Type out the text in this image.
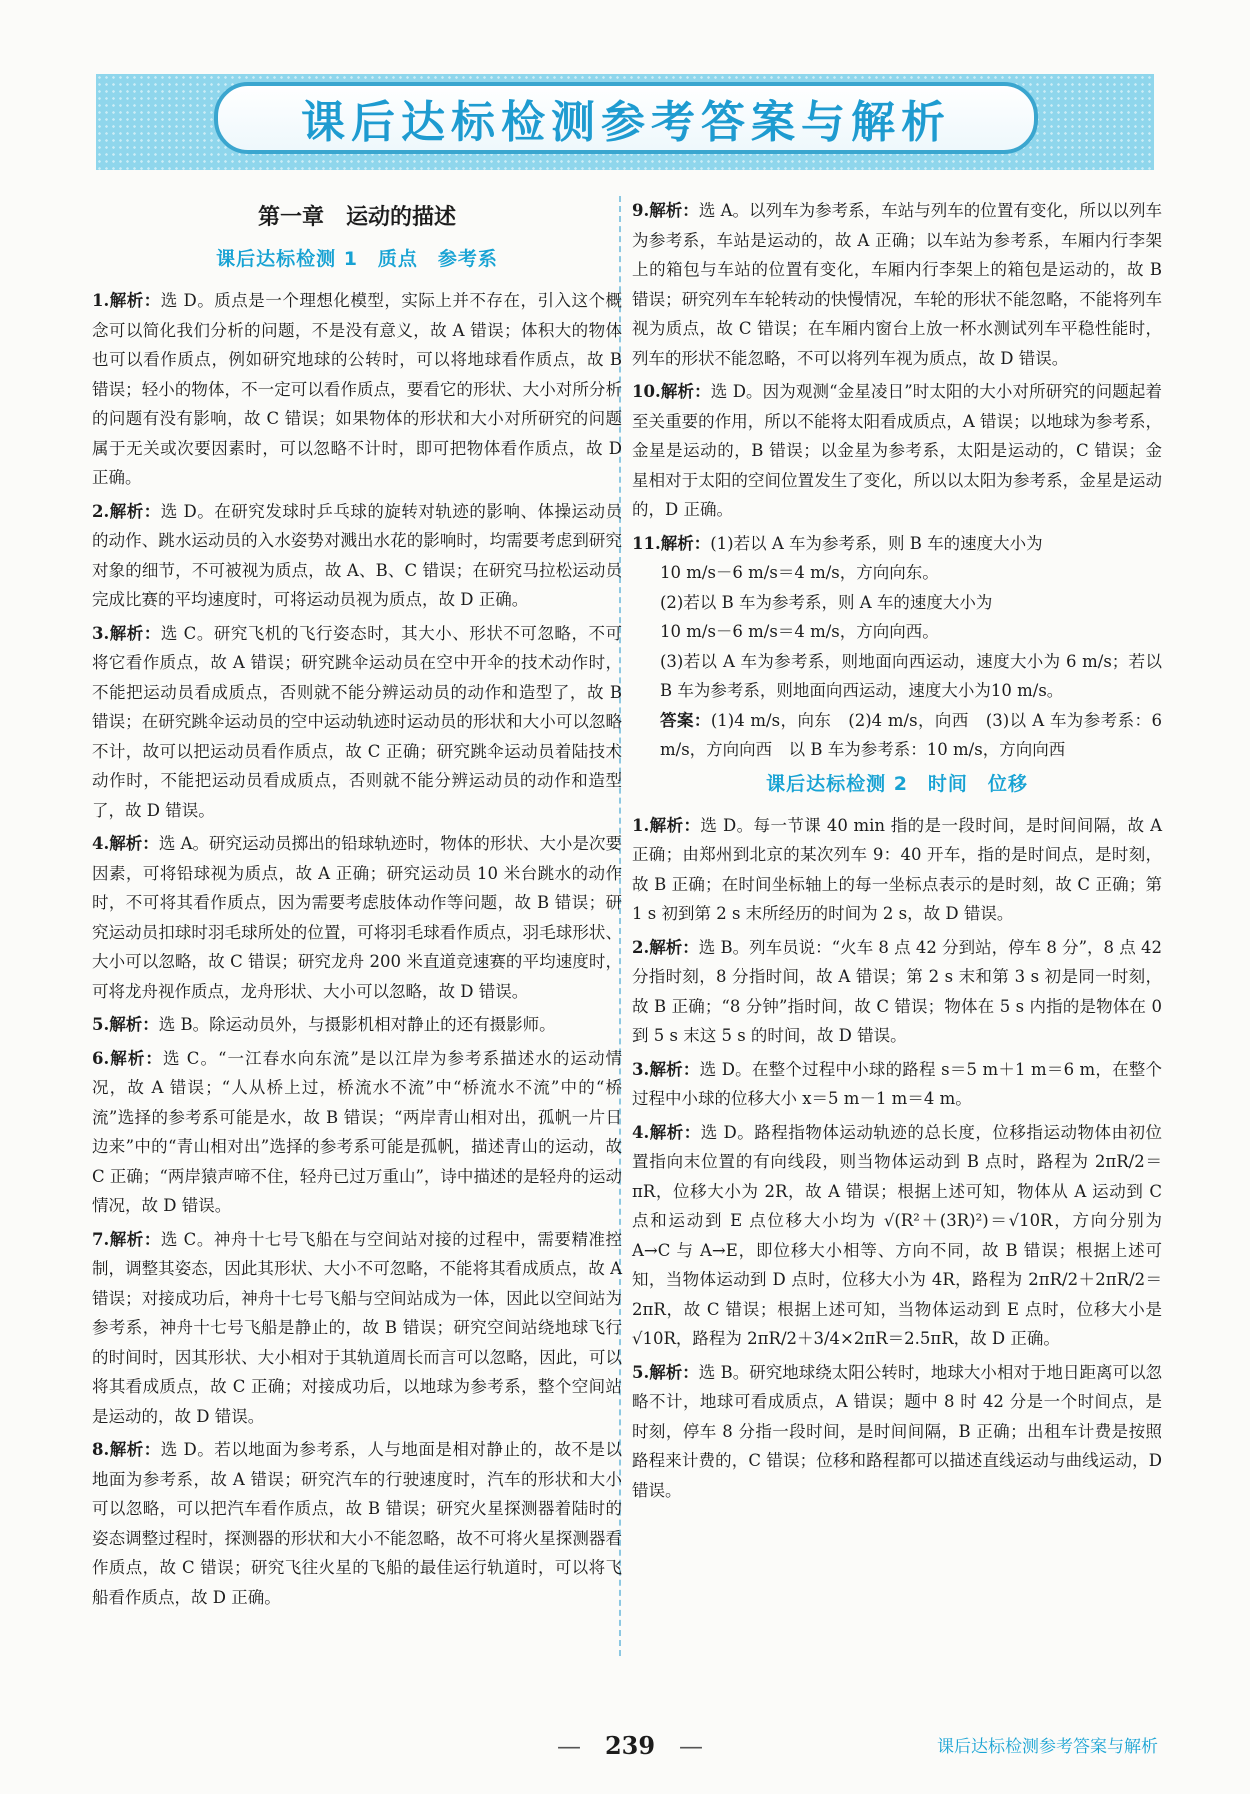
课后达标检测参考答案与解析
第一章　运动的描述
课后达标检测 1　质点　参考系

1.解析：选 D。质点是一个理想化模型，实际上并不存在，引入这个概念可以简化我们分析的问题，不是没有意义，故 A 错误；体积大的物体也可以看作质点，例如研究地球的公转时，可以将地球看作质点，故 B 错误；轻小的物体，不一定可以看作质点，要看它的形状、大小对所分析的问题有没有影响，故 C 错误；如果物体的形状和大小对所研究的问题属于无关或次要因素时，可以忽略不计时，即可把物体看作质点，故 D 正确。

2.解析：选 D。在研究发球时乒乓球的旋转对轨迹的影响、体操运动员的动作、跳水运动员的入水姿势对溅出水花的影响时，均需要考虑到研究对象的细节，不可被视为质点，故 A、B、C 错误；在研究马拉松运动员完成比赛的平均速度时，可将运动员视为质点，故 D 正确。

3.解析：选 C。研究飞机的飞行姿态时，其大小、形状不可忽略，不可将它看作质点，故 A 错误；研究跳伞运动员在空中开伞的技术动作时，不能把运动员看成质点，否则就不能分辨运动员的动作和造型了，故 B 错误；在研究跳伞运动员的空中运动轨迹时运动员的形状和大小可以忽略不计，故可以把运动员看作质点，故 C 正确；研究跳伞运动员着陆技术动作时，不能把运动员看成质点，否则就不能分辨运动员的动作和造型了，故 D 错误。

4.解析：选 A。研究运动员掷出的铅球轨迹时，物体的形状、大小是次要因素，可将铅球视为质点，故 A 正确；研究运动员 10 米台跳水的动作时，不可将其看作质点，因为需要考虑肢体动作等问题，故 B 错误；研究运动员扣球时羽毛球所处的位置，可将羽毛球看作质点，羽毛球形状、大小可以忽略，故 C 错误；研究龙舟 200 米直道竞速赛的平均速度时，可将龙舟视作质点，龙舟形状、大小可以忽略，故 D 错误。

5.解析：选 B。除运动员外，与摄影机相对静止的还有摄影师。

6.解析：选 C。“一江春水向东流”是以江岸为参考系描述水的运动情况，故 A 错误；“人从桥上过，桥流水不流”中“桥流水不流”中的“桥流”选择的参考系可能是水，故 B 错误；“两岸青山相对出，孤帆一片日边来”中的“青山相对出”选择的参考系可能是孤帆，描述青山的运动，故 C 正确；“两岸猿声啼不住，轻舟已过万重山”，诗中描述的是轻舟的运动情况，故 D 错误。

7.解析：选 C。神舟十七号飞船在与空间站对接的过程中，需要精准控制，调整其姿态，因此其形状、大小不可忽略，不能将其看成质点，故 A 错误；对接成功后，神舟十七号飞船与空间站成为一体，因此以空间站为参考系，神舟十七号飞船是静止的，故 B 错误；研究空间站绕地球飞行的时间时，因其形状、大小相对于其轨道周长而言可以忽略，因此，可以将其看成质点，故 C 正确；对接成功后，以地球为参考系，整个空间站是运动的，故 D 错误。

8.解析：选 D。若以地面为参考系，人与地面是相对静止的，故不是以地面为参考系，故 A 错误；研究汽车的行驶速度时，汽车的形状和大小可以忽略，可以把汽车看作质点，故 B 错误；研究火星探测器着陆时的姿态调整过程时，探测器的形状和大小不能忽略，故不可将火星探测器看作质点，故 C 错误；研究飞往火星的飞船的最佳运行轨道时，可以将飞船看作质点，故 D 正确。

9.解析：选 A。以列车为参考系，车站与列车的位置有变化，所以以列车为参考系，车站是运动的，故 A 正确；以车站为参考系，车厢内行李架上的箱包与车站的位置有变化，车厢内行李架上的箱包是运动的，故 B 错误；研究列车车轮转动的快慢情况，车轮的形状不能忽略，不能将列车视为质点，故 C 错误；在车厢内窗台上放一杯水测试列车平稳性能时，列车的形状不能忽略，不可以将列车视为质点，故 D 错误。

10.解析：选 D。因为观测“金星凌日”时太阳的大小对所研究的问题起着至关重要的作用，所以不能将太阳看成质点，A 错误；以地球为参考系，金星是运动的，B 错误；以金星为参考系，太阳是运动的，C 错误；金星相对于太阳的空间位置发生了变化，所以以太阳为参考系，金星是运动的，D 正确。

11.解析：(1)若以 A 车为参考系，则 B 车的速度大小为

10 m/s－6 m/s＝4 m/s，方向向东。

(2)若以 B 车为参考系，则 A 车的速度大小为

10 m/s－6 m/s＝4 m/s，方向向西。

(3)若以 A 车为参考系，则地面向西运动，速度大小为 6 m/s；若以 B 车为参考系，则地面向西运动，速度大小为10 m/s。

答案：(1)4 m/s，向东　(2)4 m/s，向西　(3)以 A 车为参考系：6 m/s，方向向西　以 B 车为参考系：10 m/s，方向向西

课后达标检测 2　时间　位移

1.解析：选 D。每一节课 40 min 指的是一段时间，是时间间隔，故 A 正确；由郑州到北京的某次列车 9：40 开车，指的是时间点，是时刻，故 B 正确；在时间坐标轴上的每一坐标点表示的是时刻，故 C 正确；第 1 s 初到第 2 s 末所经历的时间为 2 s，故 D 错误。

2.解析：选 B。列车员说：“火车 8 点 42 分到站，停车 8 分”，8 点 42 分指时刻，8 分指时间，故 A 错误；第 2 s 末和第 3 s 初是同一时刻，故 B 正确；“8 分钟”指时间，故 C 错误；物体在 5 s 内指的是物体在 0 到 5 s 末这 5 s 的时间，故 D 错误。

3.解析：选 D。在整个过程中小球的路程 s＝5 m＋1 m＝6 m，在整个过程中小球的位移大小 x＝5 m－1 m＝4 m。

4.解析：选 D。路程指物体运动轨迹的总长度，位移指运动物体由初位置指向末位置的有向线段，则当物体运动到 B 点时，路程为 2πR/2＝πR，位移大小为 2R，故 A 错误；根据上述可知，物体从 A 运动到 C 点和运动到 E 点位移大小均为 √(R²＋(3R)²)＝√10R，方向分别为 A→C 与 A→E，即位移大小相等、方向不同，故 B 错误；根据上述可知，当物体运动到 D 点时，位移大小为 4R，路程为 2πR/2＋2πR/2＝2πR，故 C 错误；根据上述可知，当物体运动到 E 点时，位移大小是 √10R，路程为 2πR/2＋3/4×2πR＝2.5πR，故 D 正确。

5.解析：选 B。研究地球绕太阳公转时，地球大小相对于地日距离可以忽略不计，地球可看成质点，A 错误；题中 8 时 42 分是一个时间点，是时刻，停车 8 分指一段时间，是时间间隔，B 正确；出租车计费是按照路程来计费的，C 错误；位移和路程都可以描述直线运动与曲线运动，D 错误。

—　239　—	课后达标检测参考答案与解析
